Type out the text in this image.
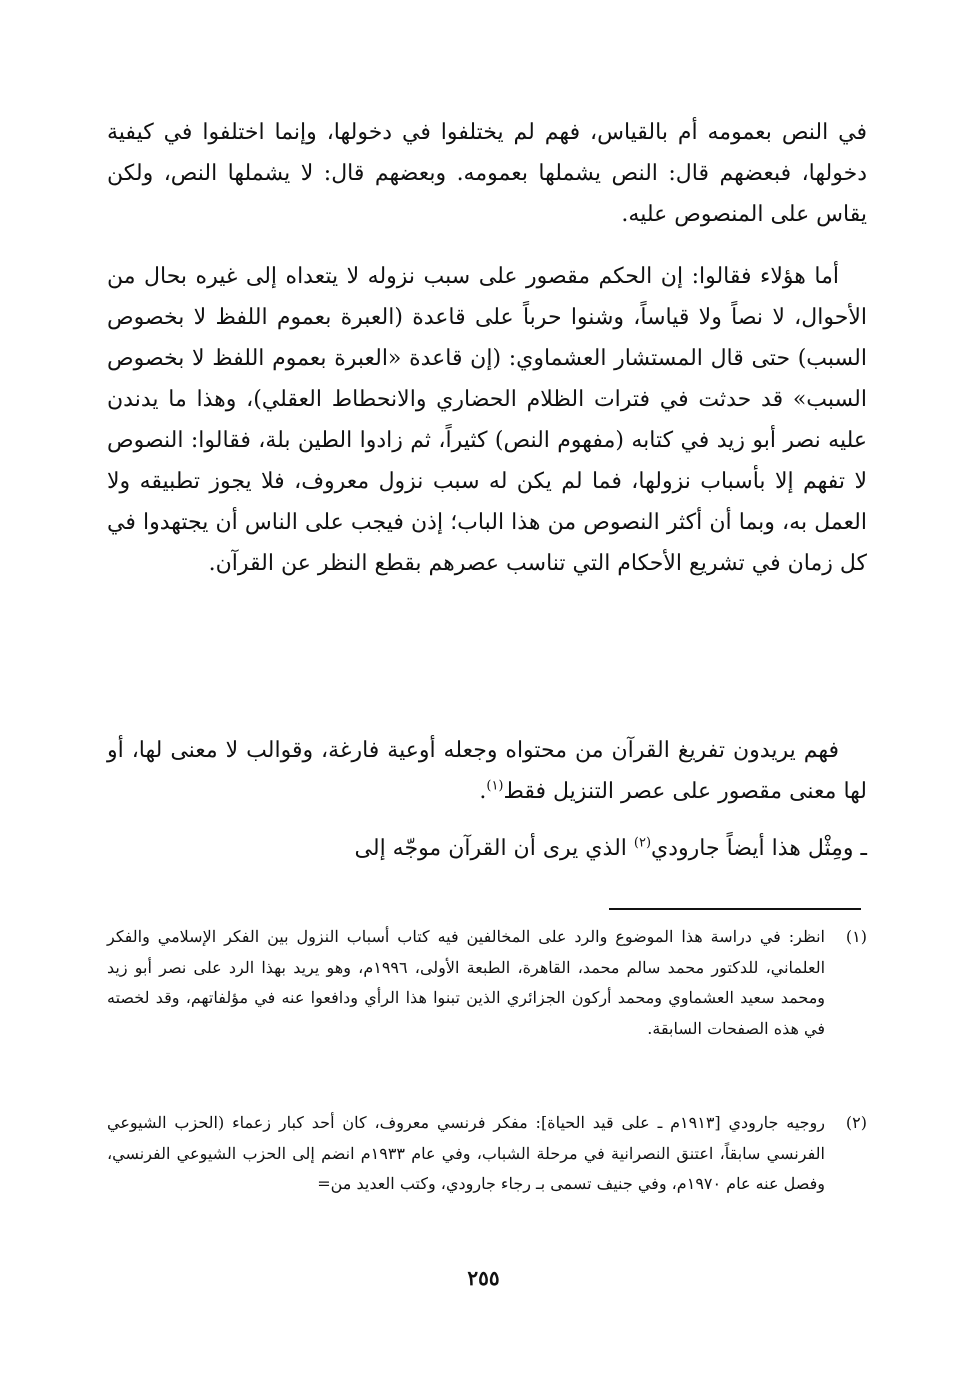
في النص بعمومه أم بالقياس، فهم لم يختلفوا في دخولها، وإنما اختلفوا في كيفية دخولها، فبعضهم قال: النص يشملها بعمومه. وبعضهم قال: لا يشملها النص، ولكن يقاس على المنصوص عليه.

أما هؤلاء فقالوا: إن الحكم مقصور على سبب نزوله لا يتعداه إلى غيره بحال من الأحوال، لا نصاً ولا قياساً، وشنوا حرباً على قاعدة (العبرة بعموم اللفظ لا بخصوص السبب) حتى قال المستشار العشماوي: (إن قاعدة «العبرة بعموم اللفظ لا بخصوص السبب» قد حدثت في فترات الظلام الحضاري والانحطاط العقلي)، وهذا ما يدندن عليه نصر أبو زيد في كتابه (مفهوم النص) كثيراً، ثم زادوا الطين بلة، فقالوا: النصوص لا تفهم إلا بأسباب نزولها، فما لم يكن له سبب نزول معروف، فلا يجوز تطبيقه ولا العمل به، وبما أن أكثر النصوص من هذا الباب؛ إذن فيجب على الناس أن يجتهدوا في كل زمان في تشريع الأحكام التي تناسب عصرهم بقطع النظر عن القرآن.

فهم يريدون تفريغ القرآن من محتواه وجعله أوعية فارغة، وقوالب لا معنى لها، أو لها معنى مقصور على عصر التنزيل فقط$^{(١)}$.

ـ ومِثْل هذا أيضاً جارودي$^{(٢)}$ الذي يرى أن القرآن موجّه إلى

(١)
انظر: في دراسة هذا الموضوع والرد على المخالفين فيه كتاب أسباب النزول بين الفكر الإسلامي والفكر العلماني، للدكتور محمد سالم محمد، القاهرة، الطبعة الأولى، ١٩٩٦م، وهو يريد بهذا الرد على نصر أبو زيد ومحمد سعيد العشماوي ومحمد أركون الجزائري الذين تبنوا هذا الرأي ودافعوا عنه في مؤلفاتهم، وقد لخصته في هذه الصفحات السابقة.
(٢)
روجيه جارودي [١٩١٣م ـ على قيد الحياة]: مفكر فرنسي معروف، كان أحد كبار زعماء (الحزب الشيوعي الفرنسي سابقاً، اعتنق النصرانية في مرحلة الشباب، وفي عام ١٩٣٣م انضم إلى الحزب الشيوعي الفرنسي، وفصل عنه عام ١٩٧٠م، وفي جنيف تسمى بـ رجاء جارودي، وكتب العديد من=
٢٥٥
